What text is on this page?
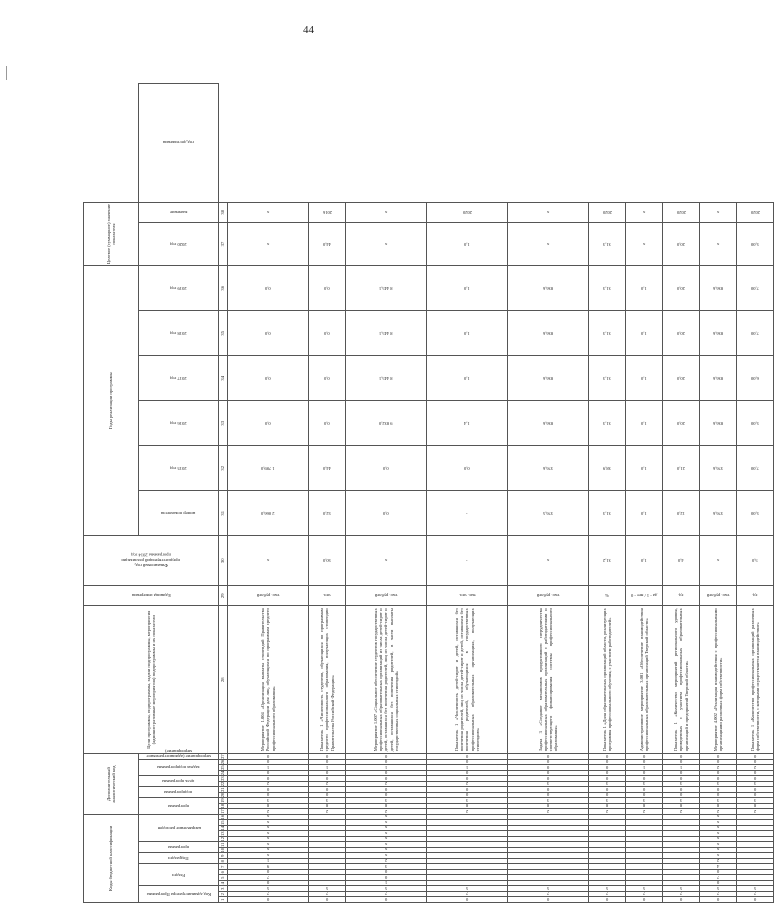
44
Коды бюджетной классификации																Дополнительный аналитический код											Цели программы, подпрограммы, задачи подпрограммы, мероприятия (административные мероприятия) подпрограммы и их показатели	Единица измерения	Финансовый год, предшествующий реализации программы 2014 год	Годы реализации программы						Целевое (суммарное) значение показателя		

Код администратора Программы			Раздел				Подраздел		программа		направление расходов					программа			подпрограмма		цель программы		задача подпрограммы			мероприятие (административное мероприятие)				номер показателя	2015 год	2016 год	2017 год	2018 год	2019 год	2020 год	значение	год достижения

1	2	3	4	5	6	7	8	9	10	11	12	13	14	15	16	17	18	19	20	21	22	23	24	25	26	27	28	29	30	31	32	33	34	35	36	37	38	

0	7	5	0	7	0	9	1	x	x	x	x	x	x	x	x	2	8	3	0	0	2	0	0	1	0	0	Мероприятие 1.004 «Организация выплаты стипендий Правительства Российской Федерации для лиц, обучающихся по программам среднего профессионального образования»	тыс. рублей	x	2 066,0	1 789,0	0,0	0,0	0,0	0,0	x	x	

0	7	5														2	8	3	0	0	2	0	0	1	0	0	Показатель 1 «Численность студентов, обучающихся по программам среднего профессионального образования, получающих стипендии Правительства Российской Федерации»	чел.	50,0	52,0	44,0	0,0	0,0	0,0	0,0	44,0	2016	

0	7	5	1	0	0	3	2	x	x	x	x	x	x	x	x	2	8	3	0	0	2	0	0	1	0	0	Мероприятие 1.007 «Социальное обеспечение студентов государственных профессиональных образовательных организаций из числа детей-сирот и детей, оставшихся без попечения родителей, лиц из числа детей-сирот и детей, оставшихся без попечения родителей, в части выплаты государственных социальных стипендий»	тыс. рублей	x	0,0	0,0	9 832,0	8 445,1	8 445,1	8 445,1	x	x	

0	7	5														2	8	3	0	0	2	0	0	1	0	0	Показатель 1 «Численность детей-сирот и детей, оставшихся без попечения родителей, лиц из числа детей-сирот и детей, оставшихся без попечения родителей, обучающихся в государственных профессиональных образовательных организациях, получающих стипендию»	тыс. чел.	-	-	0,0	1,4	1,0	1,0	1,0	1,0	2020	

0	7	5														2	8	3	0	0	3	0	0	0	0	0	Задача 3 «Создание механизмов продуктивного сотрудничества профессиональных образовательных организаций с работодателями и соответствующего финансирования системы профессионального образования»	тыс. рублей	x	376,5	376,6	836,6	836,6	836,6	836,6	x	x	

0	7	5														2	8	3	0	0	3	0	0	0	0	0	Показатель 1 «Доля образовательных организаций области, реализующих программы профессионального обучения, с участием работодателей»	%	31,2	31,3	38,9	31,3	31,3	31,3	31,3	31,3	2020	

0	7	5														2	8	3	0	0	3	0	0	1	0	0	Административное мероприятие 3.001 «Обеспечение взаимодействия профессиональных образовательных организаций Тверской области»	да - 1 / нет - 0	1,0	1,0	1,0	1,0	1,0	1,0	1,0	x	x	

0	7	5														2	8	3	0	0	3	0	0	1	0	0	Показатель 1 «Количество мероприятий регионального уровня, проведенных с участием профессиональных образовательных организаций и предприятий Тверской области»	ед.	4,0	12,0	21,0	20,0	20,0	20,0	20,0	20,0	2020	

0	7	5	0	7	0	4	2	x	x	x	x	x	x	x	x	2	8	3	0	0	3	0	0	2	0	0	Мероприятие 4.002 «Реализация взаимодействия с профессиональными организациями различных форм собственности»	тыс. рублей	x	376,6	376,6	836,6	836,6	836,6	836,6	x	x	

0	7	5														2	8	3	0	0	3	0	0	2	0	0	Показатель 1 «Количество профессиональных организаций различных форм собственности, с которыми осуществляется взаимодействие»	ед.	5,0	5,00	7,00	5,00	6,00	7,00	7,00	5,00	2020	
